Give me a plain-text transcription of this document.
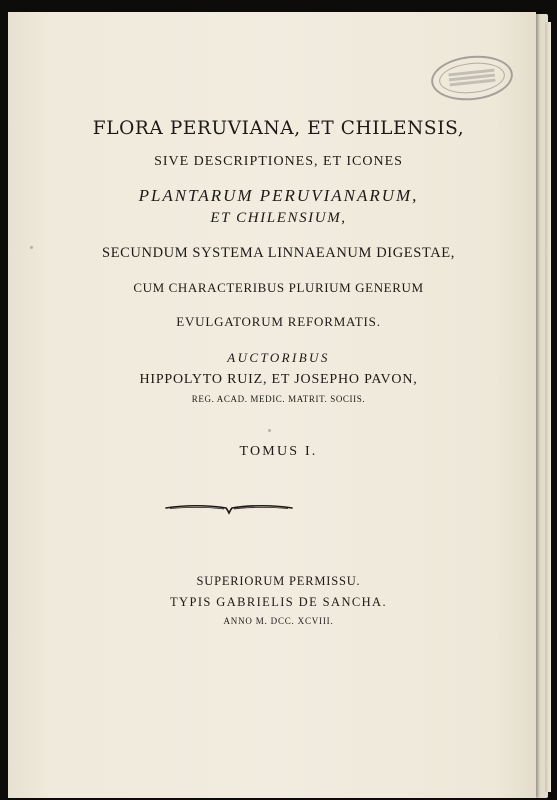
FLORA PERUVIANA, ET CHILENSIS,
SIVE DESCRIPTIONES, ET ICONES
PLANTARUM PERUVIANARUM,
ET CHILENSIUM,
SECUNDUM SYSTEMA LINNAEANUM DIGESTAE,
CUM CHARACTERIBUS PLURIUM GENERUM
EVULGATORUM REFORMATIS.
AUCTORIBUS
HIPPOLYTO RUIZ, ET JOSEPHO PAVON,
REG. ACAD. MEDIC. MATRIT. SOCIIS.
TOMUS I.
SUPERIORUM PERMISSU.
TYPIS GABRIELIS DE SANCHA.
ANNO M. DCC. XCVIII.
